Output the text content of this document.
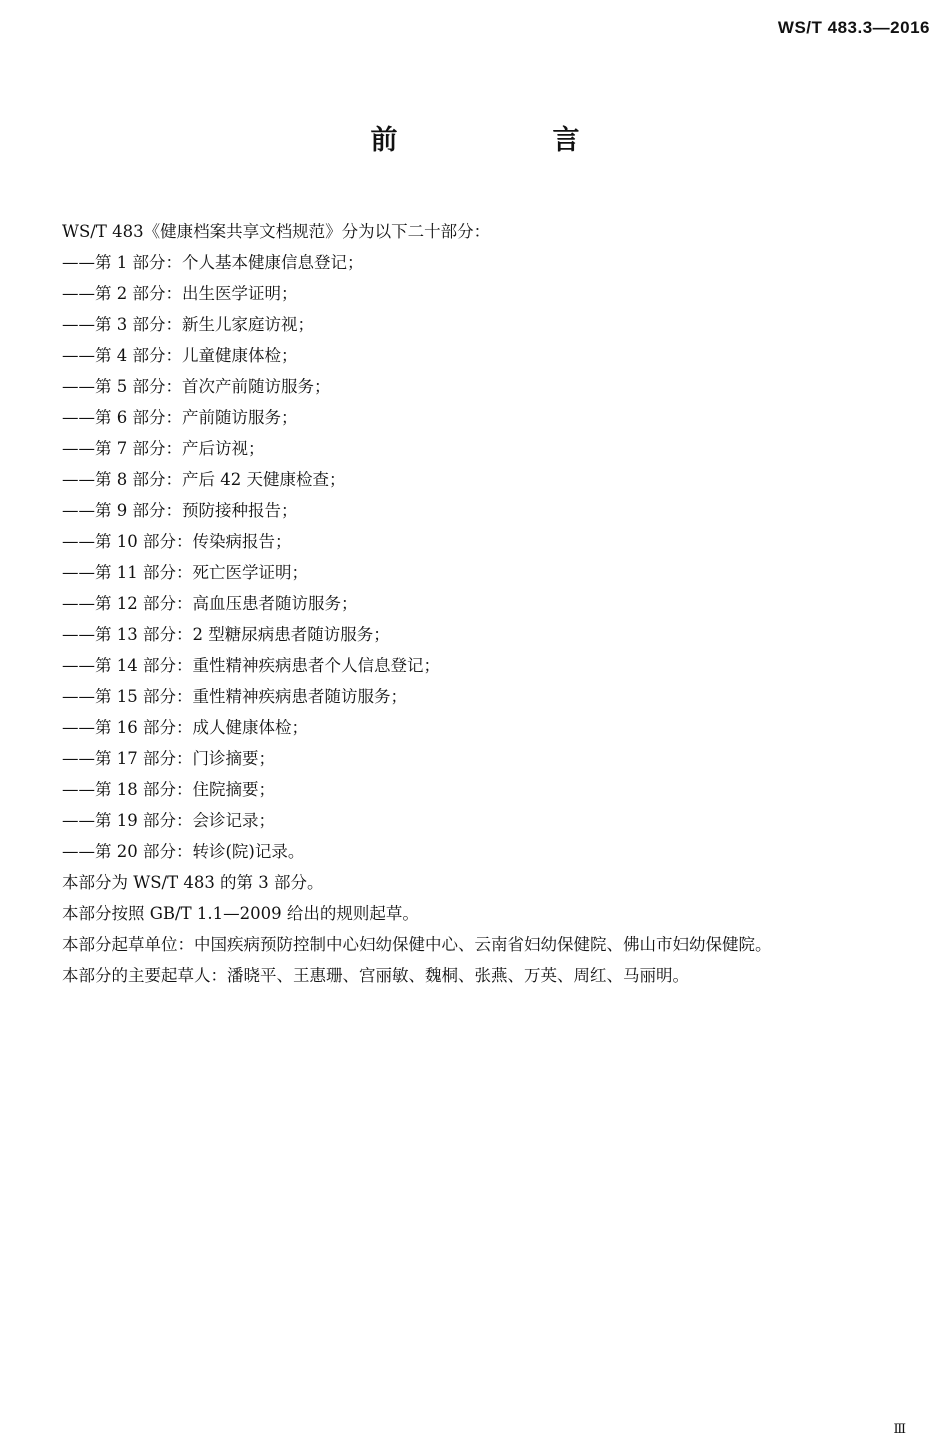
WS/T 483.3—2016
前　言
WS/T 483《健康档案共享文档规范》分为以下二十部分：
——第 1 部分：个人基本健康信息登记；
——第 2 部分：出生医学证明；
——第 3 部分：新生儿家庭访视；
——第 4 部分：儿童健康体检；
——第 5 部分：首次产前随访服务；
——第 6 部分：产前随访服务；
——第 7 部分：产后访视；
——第 8 部分：产后 42 天健康检查；
——第 9 部分：预防接种报告；
——第 10 部分：传染病报告；
——第 11 部分：死亡医学证明；
——第 12 部分：高血压患者随访服务；
——第 13 部分：2 型糖尿病患者随访服务；
——第 14 部分：重性精神疾病患者个人信息登记；
——第 15 部分：重性精神疾病患者随访服务；
——第 16 部分：成人健康体检；
——第 17 部分：门诊摘要；
——第 18 部分：住院摘要；
——第 19 部分：会诊记录；
——第 20 部分：转诊(院)记录。
本部分为 WS/T 483 的第 3 部分。
本部分按照 GB/T 1.1—2009 给出的规则起草。
本部分起草单位：中国疾病预防控制中心妇幼保健中心、云南省妇幼保健院、佛山市妇幼保健院。
本部分的主要起草人：潘晓平、王惠珊、宫丽敏、魏桐、张燕、万英、周红、马丽明。
Ⅲ
